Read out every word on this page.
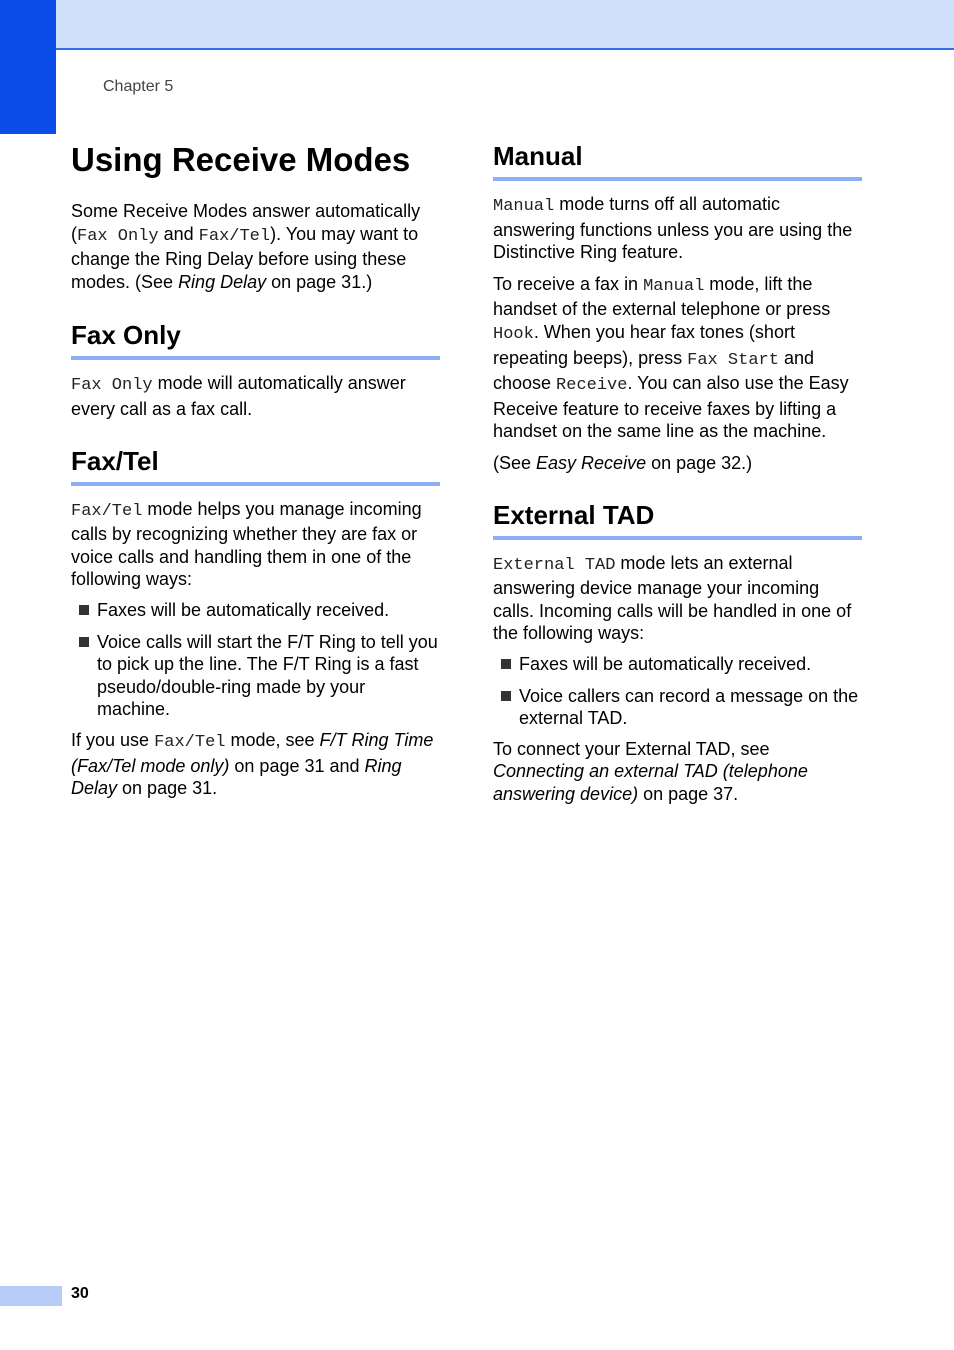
Chapter 5
Using Receive Modes

Some Receive Modes answer automatically (Fax Only and Fax/Tel). You may want to change the Ring Delay before using these modes. (See Ring Delay on page 31.)

Fax Only

Fax Only mode will automatically answer every call as a fax call.

Fax/Tel

Fax/Tel mode helps you manage incoming calls by recognizing whether they are fax or voice calls and handling them in one of the following ways:

Faxes will be automatically received.
Voice calls will start the F/T Ring to tell you to pick up the line. The F/T Ring is a fast pseudo/double-ring made by your machine.

If you use Fax/Tel mode, see F/T Ring Time (Fax/Tel mode only) on page 31 and Ring Delay on page 31.

Manual

Manual mode turns off all automatic answering functions unless you are using the Distinctive Ring feature.

To receive a fax in Manual mode, lift the handset of the external telephone or press Hook. When you hear fax tones (short repeating beeps), press Fax Start and choose Receive. You can also use the Easy Receive feature to receive faxes by lifting a handset on the same line as the machine.

(See Easy Receive on page 32.)

External TAD

External TAD mode lets an external answering device manage your incoming calls. Incoming calls will be handled in one of the following ways:

Faxes will be automatically received.
Voice callers can record a message on the external TAD.

To connect your External TAD, see Connecting an external TAD (telephone answering device) on page 37.

30
